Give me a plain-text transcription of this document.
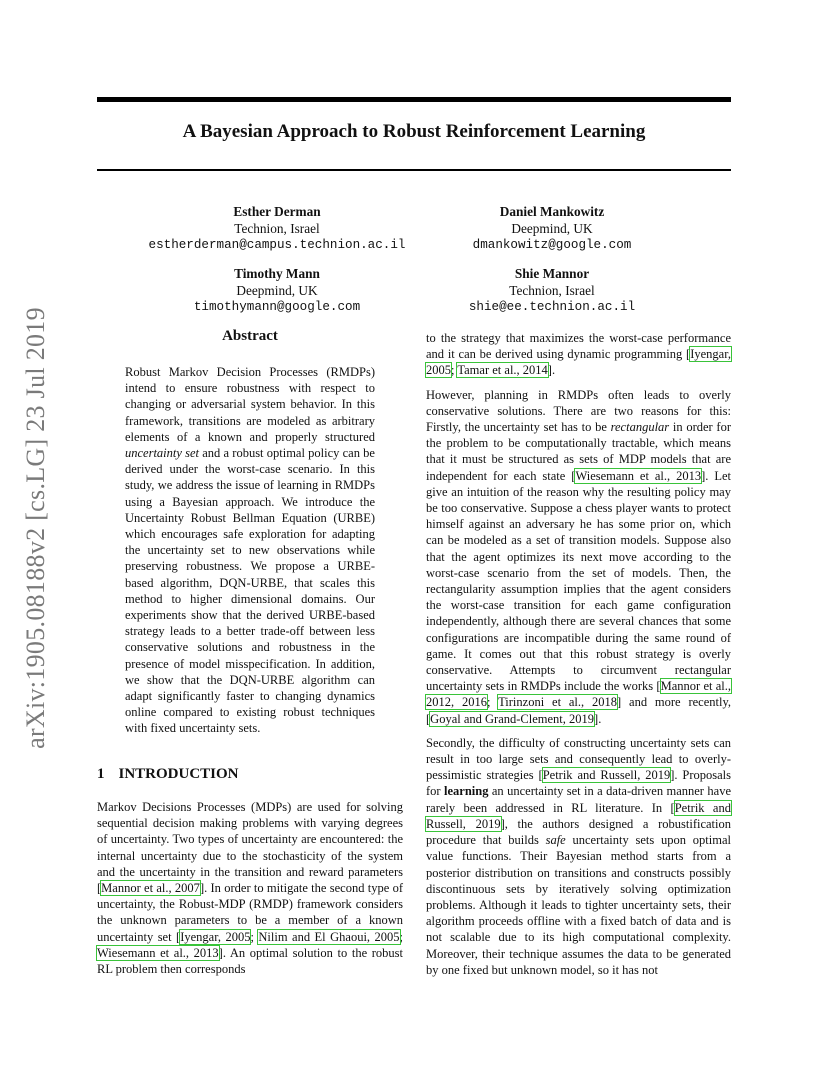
A Bayesian Approach to Robust Reinforcement Learning
arXiv:1905.08188v2 [cs.LG] 23 Jul 2019
Esther Derman
Technion, Israel
estherderman@campus.technion.ac.il
Daniel Mankowitz
Deepmind, UK
dmankowitz@google.com
Timothy Mann
Deepmind, UK
timothymann@google.com
Shie Mannor
Technion, Israel
shie@ee.technion.ac.il
Abstract
Robust Markov Decision Processes (RMDPs) intend to ensure robustness with respect to changing or adversarial system behavior. In this framework, transitions are modeled as arbitrary elements of a known and properly structured uncertainty set and a robust optimal policy can be derived under the worst-case scenario. In this study, we address the issue of learning in RMDPs using a Bayesian approach. We introduce the Uncertainty Robust Bellman Equation (URBE) which encourages safe exploration for adapting the uncertainty set to new observations while preserving robustness. We propose a URBE-based algorithm, DQN-URBE, that scales this method to higher dimensional domains. Our experiments show that the derived URBE-based strategy leads to a better trade-off between less conservative solutions and robustness in the presence of model misspecification. In addition, we show that the DQN-URBE algorithm can adapt significantly faster to changing dynamics online compared to existing robust techniques with fixed uncertainty sets.
1 INTRODUCTION
Markov Decisions Processes (MDPs) are used for solving sequential decision making problems with varying degrees of uncertainty. Two types of uncertainty are encountered: the internal uncertainty due to the stochasticity of the system and the uncertainty in the transition and reward parameters [Mannor et al., 2007]. In order to mitigate the second type of uncertainty, the Robust-MDP (RMDP) framework considers the unknown parameters to be a member of a known uncertainty set [Iyengar, 2005; Nilim and El Ghaoui, 2005; Wiesemann et al., 2013]. An optimal solution to the robust RL problem then corresponds

to the strategy that maximizes the worst-case performance and it can be derived using dynamic programming [Iyengar, 2005; Tamar et al., 2014].

However, planning in RMDPs often leads to overly conservative solutions. There are two reasons for this: Firstly, the uncertainty set has to be rectangular in order for the problem to be computationally tractable, which means that it must be structured as sets of MDP models that are independent for each state [Wiesemann et al., 2013]. Let give an intuition of the reason why the resulting policy may be too conservative. Suppose a chess player wants to protect himself against an adversary he has some prior on, which can be modeled as a set of transition models. Suppose also that the agent optimizes its next move according to the worst-case scenario from the set of models. Then, the rectangularity assumption implies that the agent considers the worst-case transition for each game configuration independently, although there are several chances that some configurations are incompatible during the same round of game. It comes out that this robust strategy is overly conservative. Attempts to circumvent rectangular uncertainty sets in RMDPs include the works [Mannor et al., 2012, 2016; Tirinzoni et al., 2018] and more recently, [Goyal and Grand-Clement, 2019].

Secondly, the difficulty of constructing uncertainty sets can result in too large sets and consequently lead to overly-pessimistic strategies [Petrik and Russell, 2019]. Proposals for learning an uncertainty set in a data-driven manner have rarely been addressed in RL literature. In [Petrik and Russell, 2019], the authors designed a robustification procedure that builds safe uncertainty sets upon optimal value functions. Their Bayesian method starts from a posterior distribution on transitions and constructs possibly discontinuous sets by iteratively solving optimization problems. Although it leads to tighter uncertainty sets, their algorithm proceeds offline with a fixed batch of data and is not scalable due to its high computational complexity. Moreover, their technique assumes the data to be generated by one fixed but unknown model, so it has not
